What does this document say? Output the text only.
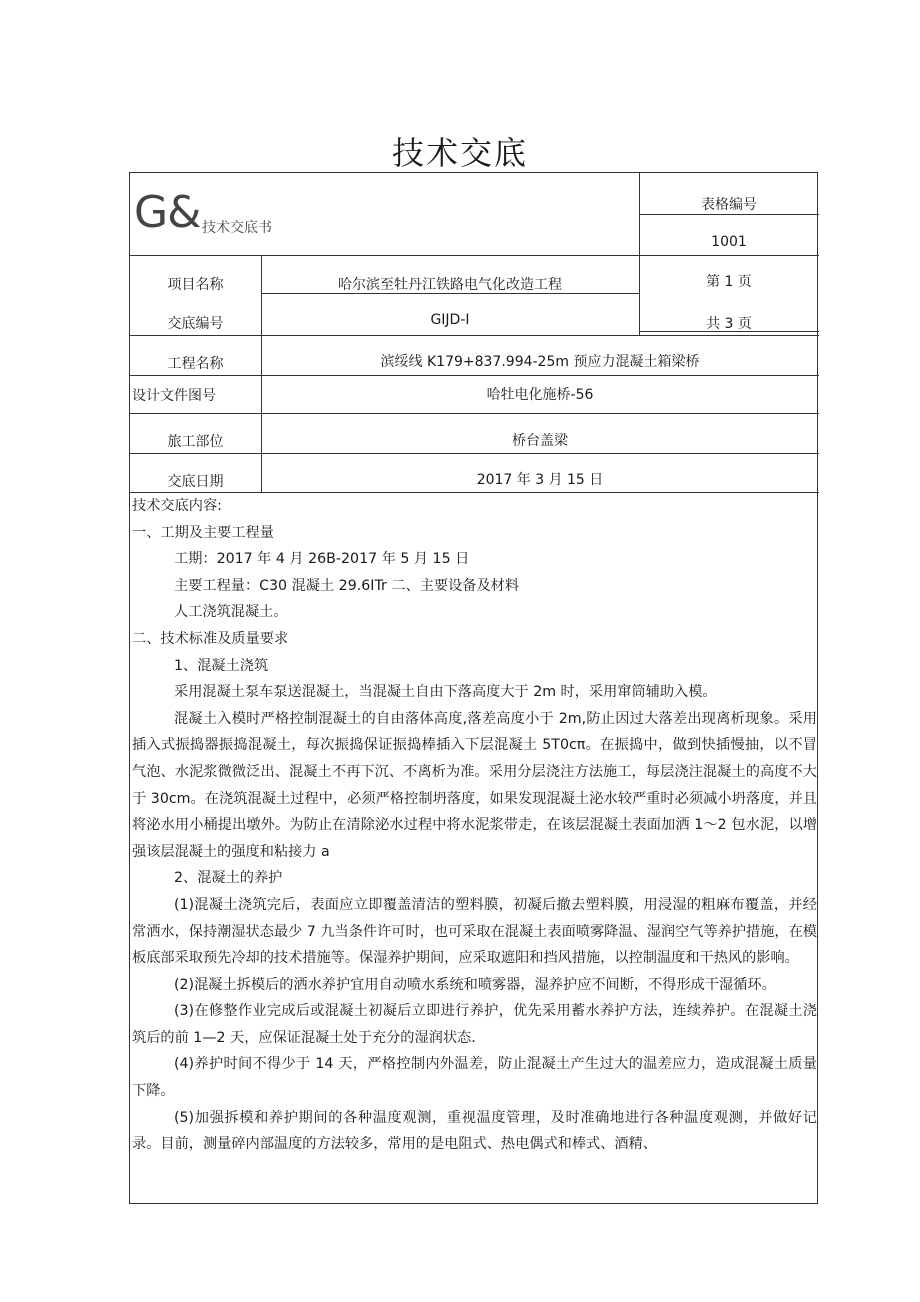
技术交底
G& 技术交底书
表格编号
1001
项目名称	哈尔滨至牡丹江铁路电气化改造工程	第 1 页
交底编号	GIJD-I	共 3 页
工程名称	滨绥线 K179+837.994-25m 预应力混凝土箱梁桥
设计文件图号	哈牡电化施桥-56
旅工部位	桥台盖梁
交底日期	2017 年 3 月 15 日

技术交底内容:

一、工期及主要工程量

工期：2017 年 4 月 26B-2017 年 5 月 15 日

主要工程量：C30 混凝土 29.6ITr 二、主要设备及材料

人工浇筑混凝土。

二、技术标准及质量要求

1、混凝土浇筑

采用混凝土泵车泵送混凝土，当混凝土自由下落高度大于 2m 时，采用窜筒辅助入模。

混凝土入模时严格控制混凝土的自由落体高度,落差高度小于 2m,防止因过大落差出现离析现象。采用插入式振捣器振捣混凝土，每次振捣保证振捣棒插入下层混凝土 5T0cπ。在振捣中，做到快插慢抽，以不冒气泡、水泥浆微微泛出、混凝土不再下沉、不离析为准。采用分层浇注方法施工，每层浇注混凝土的高度不大于 30cm。在浇筑混凝土过程中，必须严格控制坍落度，如果发现混凝土泌水较严重时必须减小坍落度，并且将泌水用小桶提出墩外。为防止在清除泌水过程中将水泥浆带走，在该层混凝土表面加洒 1〜2 包水泥，以增强该层混凝土的强度和粘接力 a

2、混凝土的养护

(1)混凝土浇筑完后，表面应立即覆盖清洁的塑料膜，初凝后撤去塑料膜，用浸湿的粗麻布覆盖，并经常洒水，保持潮湿状态最少 7 九当条件许可时，也可采取在混凝土表面喷雾降温、湿润空气等养护措施，在模板底部采取预先冷却的技术措施等。保湿养护期间，应采取遮阳和挡风措施，以控制温度和干热风的影响。

(2)混凝土拆模后的洒水养护宜用自动喷水系统和喷雾器，湿养护应不间断，不得形成干湿循环。

(3)在修整作业完成后或混凝土初凝后立即进行养护，优先采用蓄水养护方法，连续养护。在混凝土浇筑后的前 1—2 天，应保证混凝土处于充分的湿润状态.

(4)养护时间不得少于 14 天，严格控制内外温差，防止混凝土产生过大的温差应力，造成混凝土质量下降。

(5)加强拆模和养护期间的各种温度观测，重视温度管理，及时准确地进行各种温度观测，并做好记录。目前，测量碎内部温度的方法较多，常用的是电阻式、热电偶式和棒式、酒精、
